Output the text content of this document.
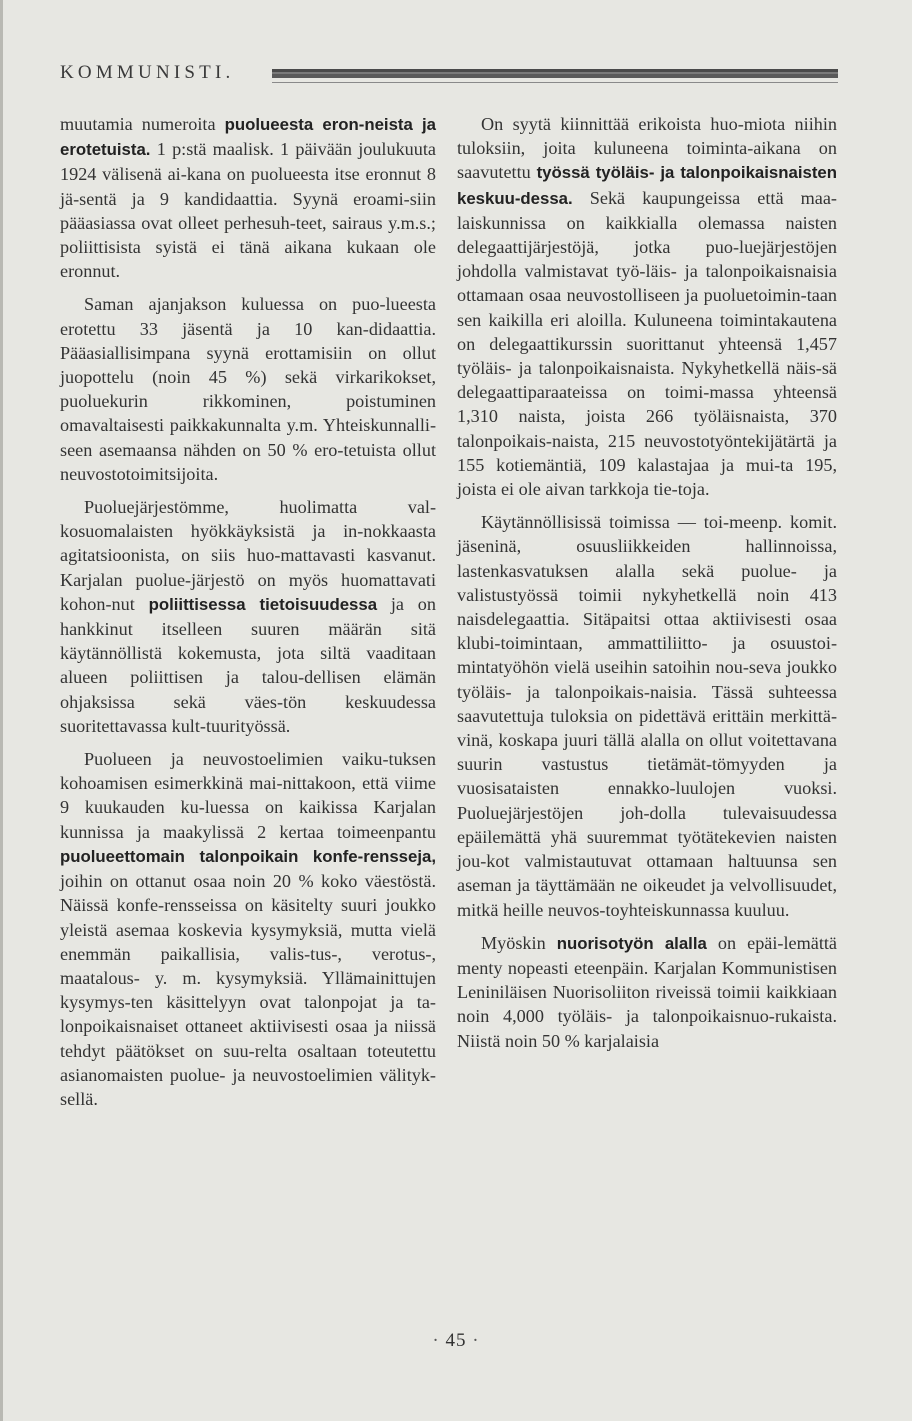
KOMMUNISTI.

muutamia numeroita puolueesta eron-neista ja erotetuista. 1 p:stä maalisk. 1 päivään joulukuuta 1924 välisenä ai-kana on puolueesta itse eronnut 8 jä-sentä ja 9 kandidaattia. Syynä eroami-siin pääasiassa ovat olleet perhesuh-teet, sairaus y.m.s.; poliittisista syistä ei tänä aikana kukaan ole eronnut.

Saman ajanjakson kuluessa on puo-lueesta erotettu 33 jäsentä ja 10 kan-didaattia. Pääasiallisimpana syynä erottamisiin on ollut juopottelu (noin 45 %) sekä virkarikokset, puoluekurin rikkominen, poistuminen omavaltaisesti paikkakunnalta y.m. Yhteiskunnalli-seen asemaansa nähden on 50 % ero-tetuista ollut neuvostotoimitsijoita.

Puoluejärjestömme, huolimatta val-kosuomalaisten hyökkäyksistä ja in-nokkaasta agitatsioonista, on siis huo-mattavasti kasvanut. Karjalan puolue-järjestö on myös huomattavati kohon-nut poliittisessa tietoisuudessa ja on hankkinut itselleen suuren määrän sitä käytännöllistä kokemusta, jota siltä vaaditaan alueen poliittisen ja talou-dellisen elämän ohjaksissa sekä väes-tön keskuudessa suoritettavassa kult-tuurityössä.

Puolueen ja neuvostoelimien vaiku-tuksen kohoamisen esimerkkinä mai-nittakoon, että viime 9 kuukauden ku-luessa on kaikissa Karjalan kunnissa ja maakylissä 2 kertaa toimeenpantu puolueettomain talonpoikain konfe-rensseja, joihin on ottanut osaa noin 20 % koko väestöstä. Näissä konfe-rensseissa on käsitelty suuri joukko yleistä asemaa koskevia kysymyksiä, mutta vielä enemmän paikallisia, valis-tus-, verotus-, maatalous- y. m. kysymyksiä. Yllämainittujen kysymys-ten käsittelyyn ovat talonpojat ja ta-lonpoikaisnaiset ottaneet aktiivisesti osaa ja niissä tehdyt päätökset on suu-relta osaltaan toteutettu asianomaisten puolue- ja neuvostoelimien välityk-sellä.

On syytä kiinnittää erikoista huo-miota niihin tuloksiin, joita kuluneena toiminta-aikana on saavutettu työssä työläis- ja talonpoikaisnaisten keskuu-dessa. Sekä kaupungeissa että maa-laiskunnissa on kaikkialla olemassa naisten delegaattijärjestöjä, jotka puo-luejärjestöjen johdolla valmistavat työ-läis- ja talonpoikaisnaisia ottamaan osaa neuvostolliseen ja puoluetoimin-taan sen kaikilla eri aloilla. Kuluneena toimintakautena on delegaattikurssin suorittanut yhteensä 1,457 työläis- ja talonpoikaisnaista. Nykyhetkellä näis-sä delegaattiparaateissa on toimi-massa yhteensä 1,310 naista, joista 266 työläisnaista, 370 talonpoikais-naista, 215 neuvostotyöntekijätärtä ja 155 kotiemäntiä, 109 kalastajaa ja mui-ta 195, joista ei ole aivan tarkkoja tie-toja.

Käytännöllisissä toimissa — toi-meenp. komit. jäseninä, osuusliikkeiden hallinnoissa, lastenkasvatuksen alalla sekä puolue- ja valistustyössä toimii nykyhetkellä noin 413 naisdelegaattia. Sitäpaitsi ottaa aktiivisesti osaa klubi-toimintaan, ammattiliitto- ja osuustoi-mintatyöhön vielä useihin satoihin nou-seva joukko työläis- ja talonpoikais-naisia. Tässä suhteessa saavutettuja tuloksia on pidettävä erittäin merkittä-vinä, koskapa juuri tällä alalla on ollut voitettavana suurin vastustus tietämät-tömyyden ja vuosisataisten ennakko-luulojen vuoksi. Puoluejärjestöjen joh-dolla tulevaisuudessa epäilemättä yhä suuremmat työtätekevien naisten jou-kot valmistautuvat ottamaan haltuunsa sen aseman ja täyttämään ne oikeudet ja velvollisuudet, mitkä heille neuvos-toyhteiskunnassa kuuluu.

Myöskin nuorisotyön alalla on epäi-lemättä menty nopeasti eteenpäin. Karjalan Kommunistisen Leniniläisen Nuorisoliiton riveissä toimii kaikkiaan noin 4,000 työläis- ja talonpoikaisnuo-rukaista. Niistä noin 50 % karjalaisia

· 45 ·
